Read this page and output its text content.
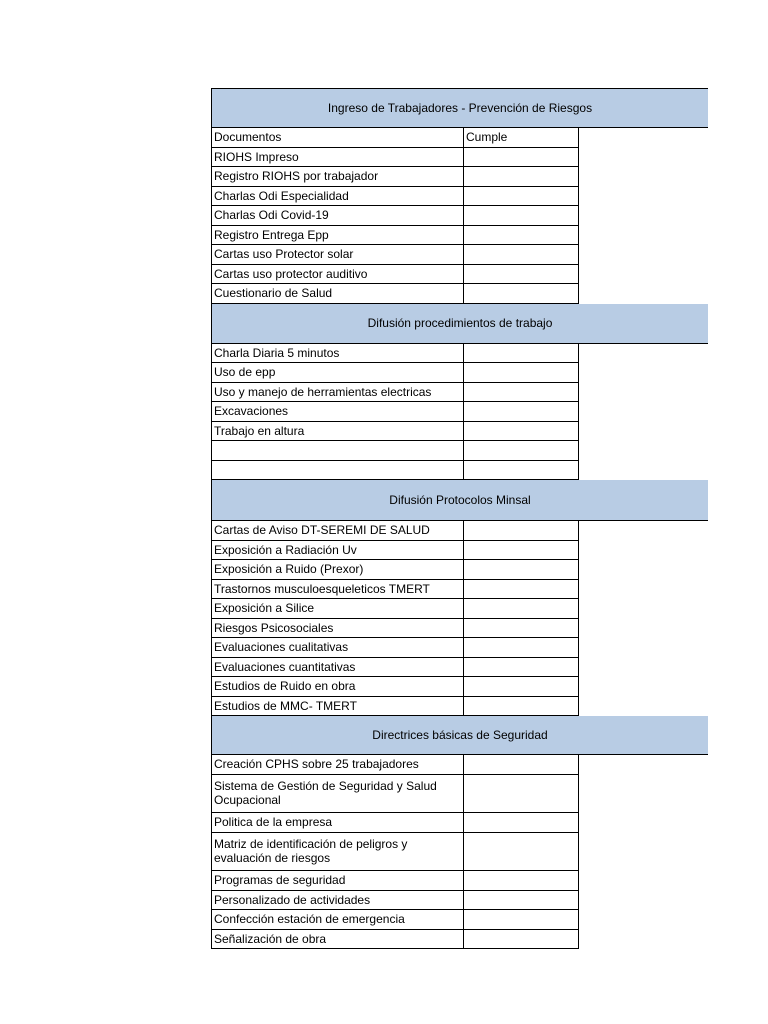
Ingreso de Trabajadores - Prevención de Riesgos
Documentos	Cumple
RIOHS Impreso
Registro RIOHS por trabajador
Charlas Odi Especialidad
Charlas Odi Covid-19
Registro Entrega Epp
Cartas uso Protector solar
Cartas uso protector auditivo
Cuestionario de Salud
Difusión procedimientos de trabajo
Charla Diaria 5 minutos
Uso de epp
Uso y manejo de herramientas electricas
Excavaciones
Trabajo en altura
Difusión Protocolos Minsal
Cartas de Aviso DT-SEREMI DE SALUD
Exposición a Radiación Uv
Exposición a Ruido (Prexor)
Trastornos musculoesqueleticos TMERT
Exposición a Silice
Riesgos Psicosociales
Evaluaciones cualitativas
Evaluaciones cuantitativas
Estudios de Ruido en obra
Estudios de MMC- TMERT
Directrices básicas de Seguridad
Creación CPHS sobre 25 trabajadores
Sistema de Gestión de Seguridad y Salud Ocupacional
Politica de la empresa
Matriz de identificación de peligros y evaluación de riesgos
Programas de seguridad
Personalizado de actividades
Confección estación de emergencia
Señalización de obra
